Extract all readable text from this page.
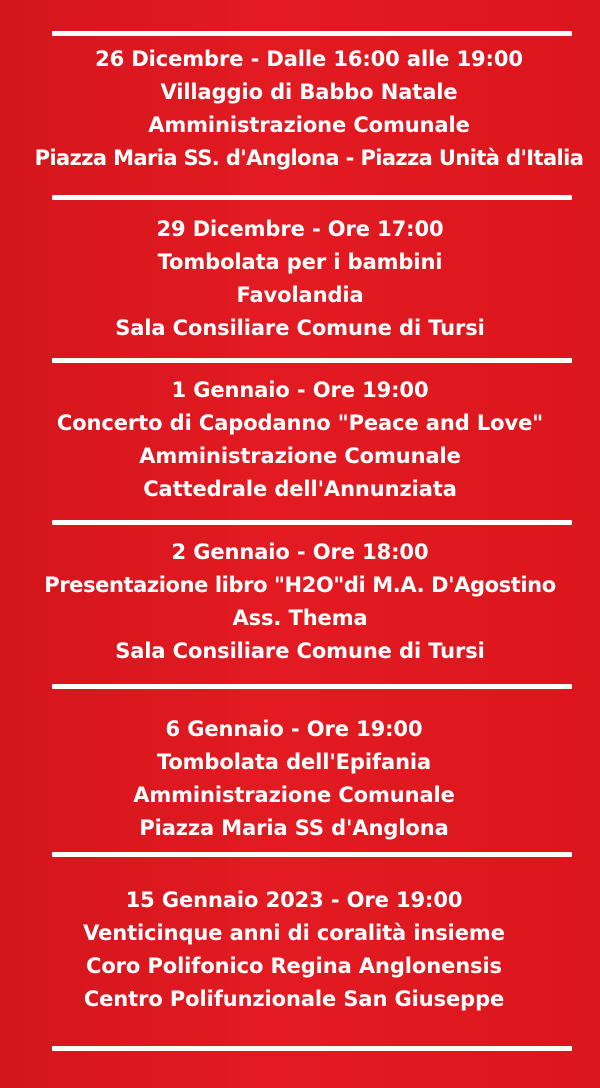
26 Dicembre - Dalle 16:00 alle 19:00
Villaggio di Babbo Natale
Amministrazione Comunale
Piazza Maria SS. d'Anglona - Piazza Unità d'Italia
29 Dicembre - Ore 17:00
Tombolata per i bambini
Favolandia
Sala Consiliare Comune di Tursi
1 Gennaio - Ore 19:00
Concerto di Capodanno "Peace and Love"
Amministrazione Comunale
Cattedrale dell'Annunziata
2 Gennaio - Ore 18:00
Presentazione libro "H2O"di M.A. D'Agostino
Ass. Thema
Sala Consiliare Comune di Tursi
6 Gennaio - Ore 19:00
Tombolata dell'Epifania
Amministrazione Comunale
Piazza Maria SS d'Anglona
15 Gennaio 2023 - Ore 19:00
Venticinque anni di coralità insieme
Coro Polifonico Regina Anglonensis
Centro Polifunzionale San Giuseppe
